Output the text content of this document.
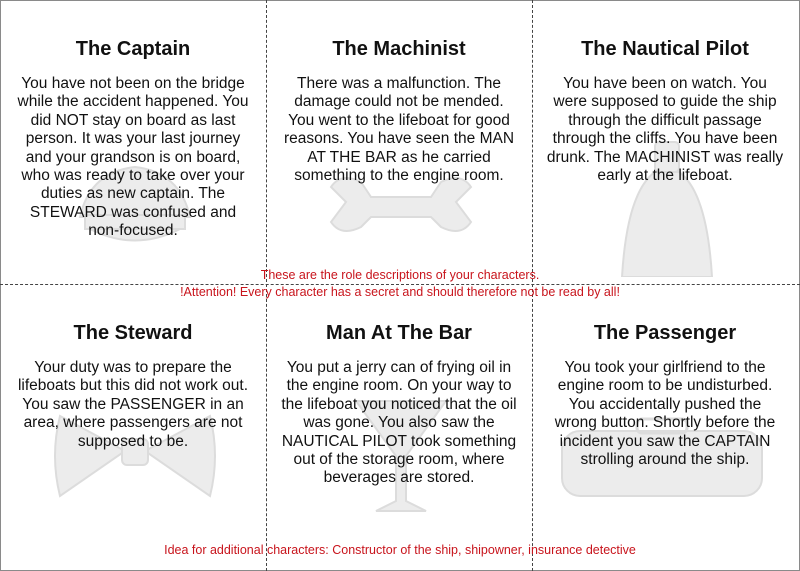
The Captain

You have not been on the bridge while the accident happened. You did NOT stay on board as last person. It was your last journey and your grandson is on board, who was ready to take over your duties as new captain. The STEWARD was confused and non-focused.

The Machinist

There was a malfunction. The damage could not be mended. You went to the lifeboat for good reasons. You have seen the MAN AT THE BAR as he carried something to the engine room.

The Nautical Pilot

You have been on watch. You were supposed to guide the ship through the difficult passage through the cliffs. You have been drunk. The MACHINIST was really early at the lifeboat.

The Steward

Your duty was to prepare the lifeboats but this did not work out. You saw the PASSENGER in an area, where passengers are not supposed to be.

Man At The Bar

You put a jerry can of frying oil in the engine room. On your way to the lifeboat you noticed that the oil was gone. You also saw the NAUTICAL PILOT took something out of the storage room, where beverages are stored.

The Passenger

You took your girlfriend to the engine room to be undisturbed. You accidentally pushed the wrong button. Shortly before the incident you saw the CAPTAIN strolling around the ship.

These are the role descriptions of your characters.
!Attention! Every character has a secret and should therefore not be read by all!
Idea for additional characters: Constructor of the ship, shipowner, insurance detective
